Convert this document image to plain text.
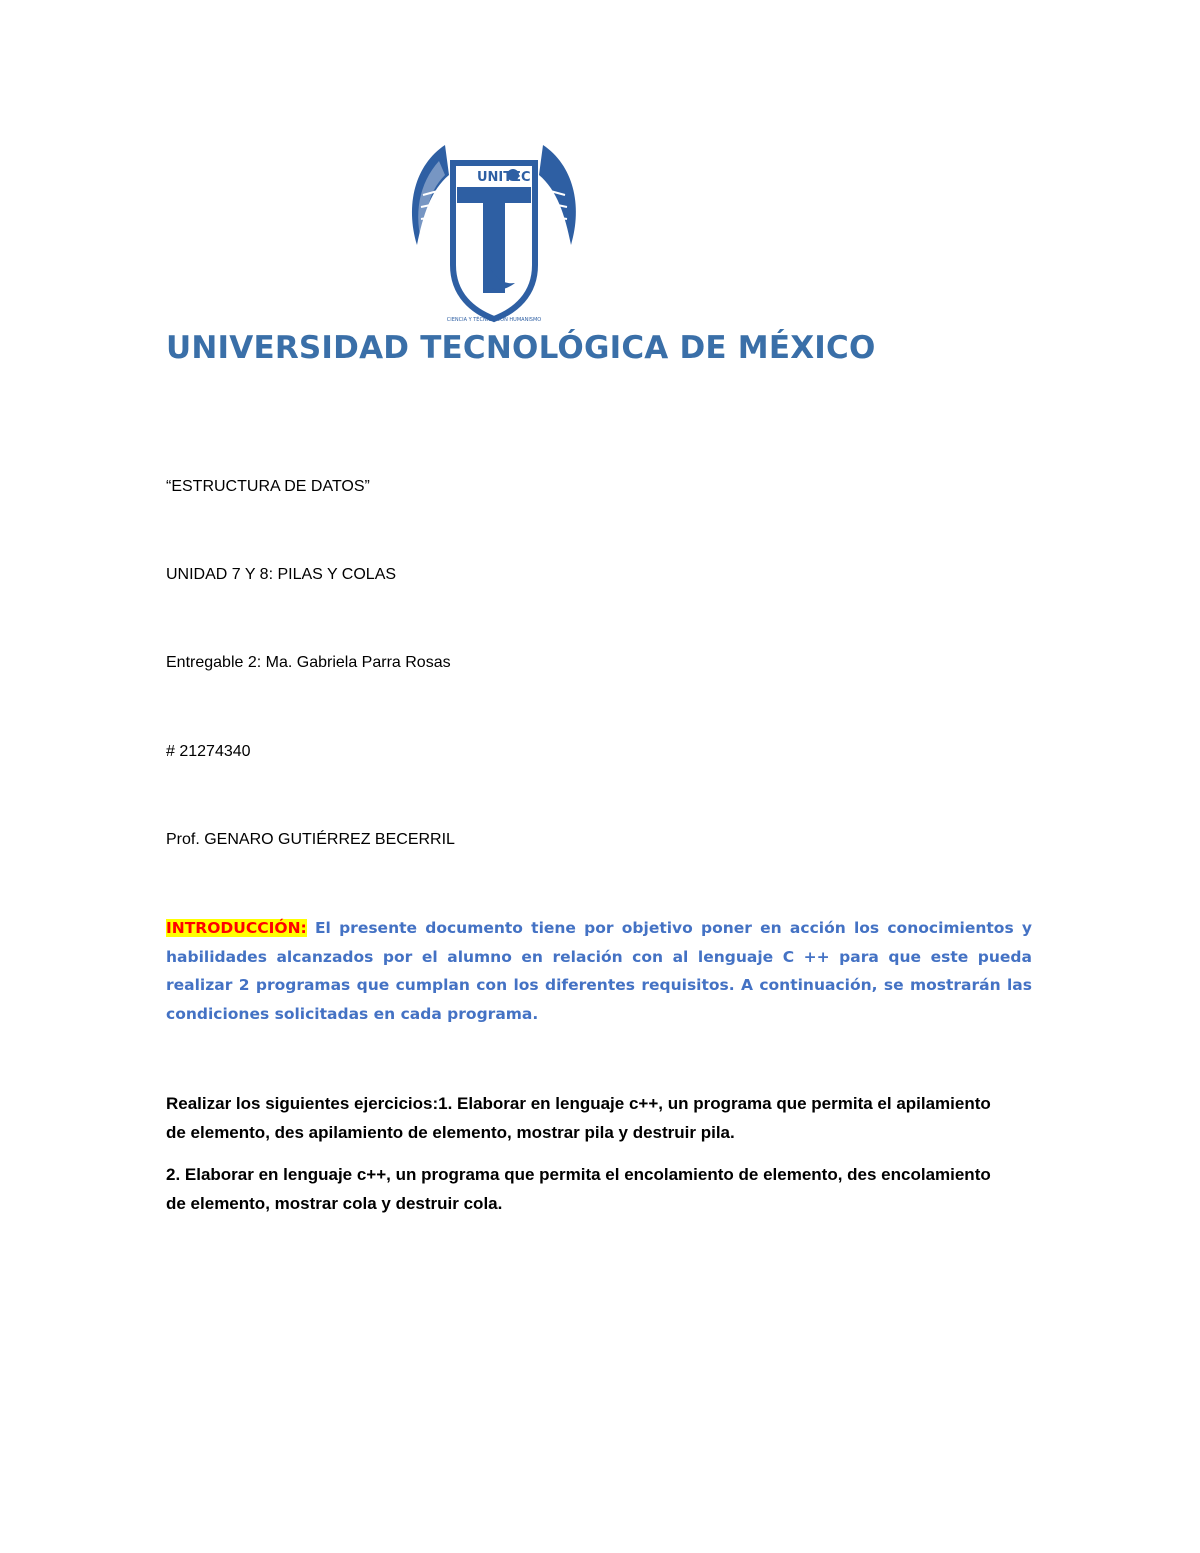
UNITEC
CIENCIA Y TÉCNICA CON HUMANISMO
UNIVERSIDAD TECNOLÓGICA DE MÉXICO
“ESTRUCTURA DE DATOS”
UNIDAD 7 Y 8: PILAS Y COLAS
Entregable 2: Ma. Gabriela Parra Rosas
# 21274340
Prof. GENARO GUTIÉRREZ BECERRIL
INTRODUCCIÓN: El presente documento tiene por objetivo poner en acción los conocimientos y habilidades alcanzados por el alumno en relación con al lenguaje C ++ para que este pueda realizar 2 programas que cumplan con los diferentes requisitos. A continuación, se mostrarán las condiciones solicitadas en cada programa.
Realizar los siguientes ejercicios:1. Elaborar en lenguaje c++, un programa que permita el apilamiento de elemento, des apilamiento de elemento, mostrar pila y destruir pila.
2. Elaborar en lenguaje c++, un programa que permita el encolamiento de elemento, des encolamiento de elemento, mostrar cola y destruir cola.
